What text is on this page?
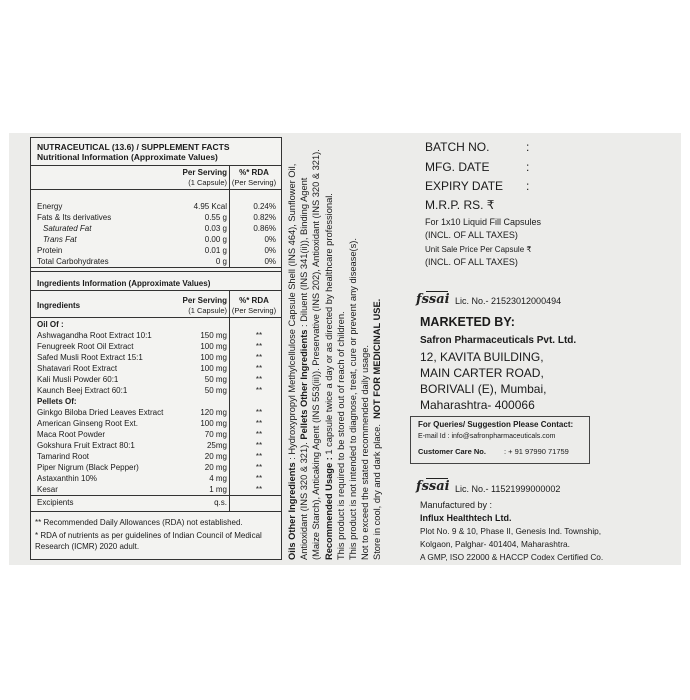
NUTRACEUTICAL (13.6) / SUPPLEMENT FACTS
Nutritional Information (Approximate Values)
Per Serving	%* RDA
(1 Capsule) (Per Serving)
Energy	4.95 Kcal	0.24%
Fats & Its derivatives	0.55 g	0.82%
Saturated Fat	0.03 g	0.86%
Trans Fat	0.00 g	0%
Protein	0.01 g	0%
Total Carbohydrates	0 g	0%
Ingredients Information (Approximate Values)
Ingredients
Per Serving	%* RDA
(1 Capsule) (Per Serving)
Oil Of :
Ashwagandha Root Extract 10:1	150 mg	**
Fenugreek Root Oil Extract	100 mg	**
Safed Musli Root Extract 15:1	100 mg	**
Shatavari Root Extract	100 mg	**
Kali Musli Powder 60:1	50 mg	**
Kaunch Beej Extract 60:1	50 mg	**
Pellets Of:
Ginkgo Biloba Dried Leaves Extract	120 mg	**
American Ginseng Root Ext.	100 mg	**
Maca Root Powder	70 mg	**
Gokshura Fruit Extract 80:1	25mg	**
Tamarind Root	20 mg	**
Piper Nigrum (Black Pepper)	20 mg	**
Astaxanthin 10%	4 mg	**
Kesar	1 mg	**
Excipients	q.s.
** Recommended Daily Allowances (RDA) not established.
* RDA of nutrients as per guidelines of Indian Council of Medical
Research (ICMR) 2020 adult.	Oils Other Ingredients : Hydroxypropyl Methylcellulose Capsule Shell (INS 464), Sunflower Oil,

Antioxidant (INS 320 & 321). Pellets Other Ingredients : Diluent (INS 341(ii)), Binding Agent (Maize Starch), Anticaking Agent (INS 553(iii)). Preservative (INS 202), Antioxidant (INS 320 & 321). Recommended Usage : 1 capsule twice a day or as directed by healthcare professional. This product is required to be stored out of reach of children. This product is not intended to diagnose, treat, cure or prevent any disease(s). Not to exceed the stated recommended daily usage. Store in cool, dry and dark place.  NOT FOR MEDICINAL USE.

BATCH NO.	:
MFG. DATE	:
EXPIRY DATE :
M.R.P. RS. ₹
For 1x10 Liquid Fill Capsules
(INCL. OF ALL TAXES)
Unit Sale Price Per Capsule ₹
(INCL. OF ALL TAXES)
fssai Lic. No.- 21523012000494
MARKETED BY:
Safron Pharmaceuticals Pvt. Ltd.
12, KAVITA BUILDING,
MAIN CARTER ROAD,
BORIVALI (E), Mumbai,
Maharashtra- 400066
For Queries/ Suggestion Please Contact:
E-mail Id : info@safronpharmaceuticals.com
Customer Care No. : + 91 97990 71759
fssai Lic. No.- 11521999000002
Manufactured by :
Influx Healthtech Ltd.
Plot No. 9 & 10, Phase II, Genesis Ind. Township,
Kolgaon, Palghar- 401404, Maharashtra.
A GMP, ISO 22000 & HACCP Codex Certified Co.
